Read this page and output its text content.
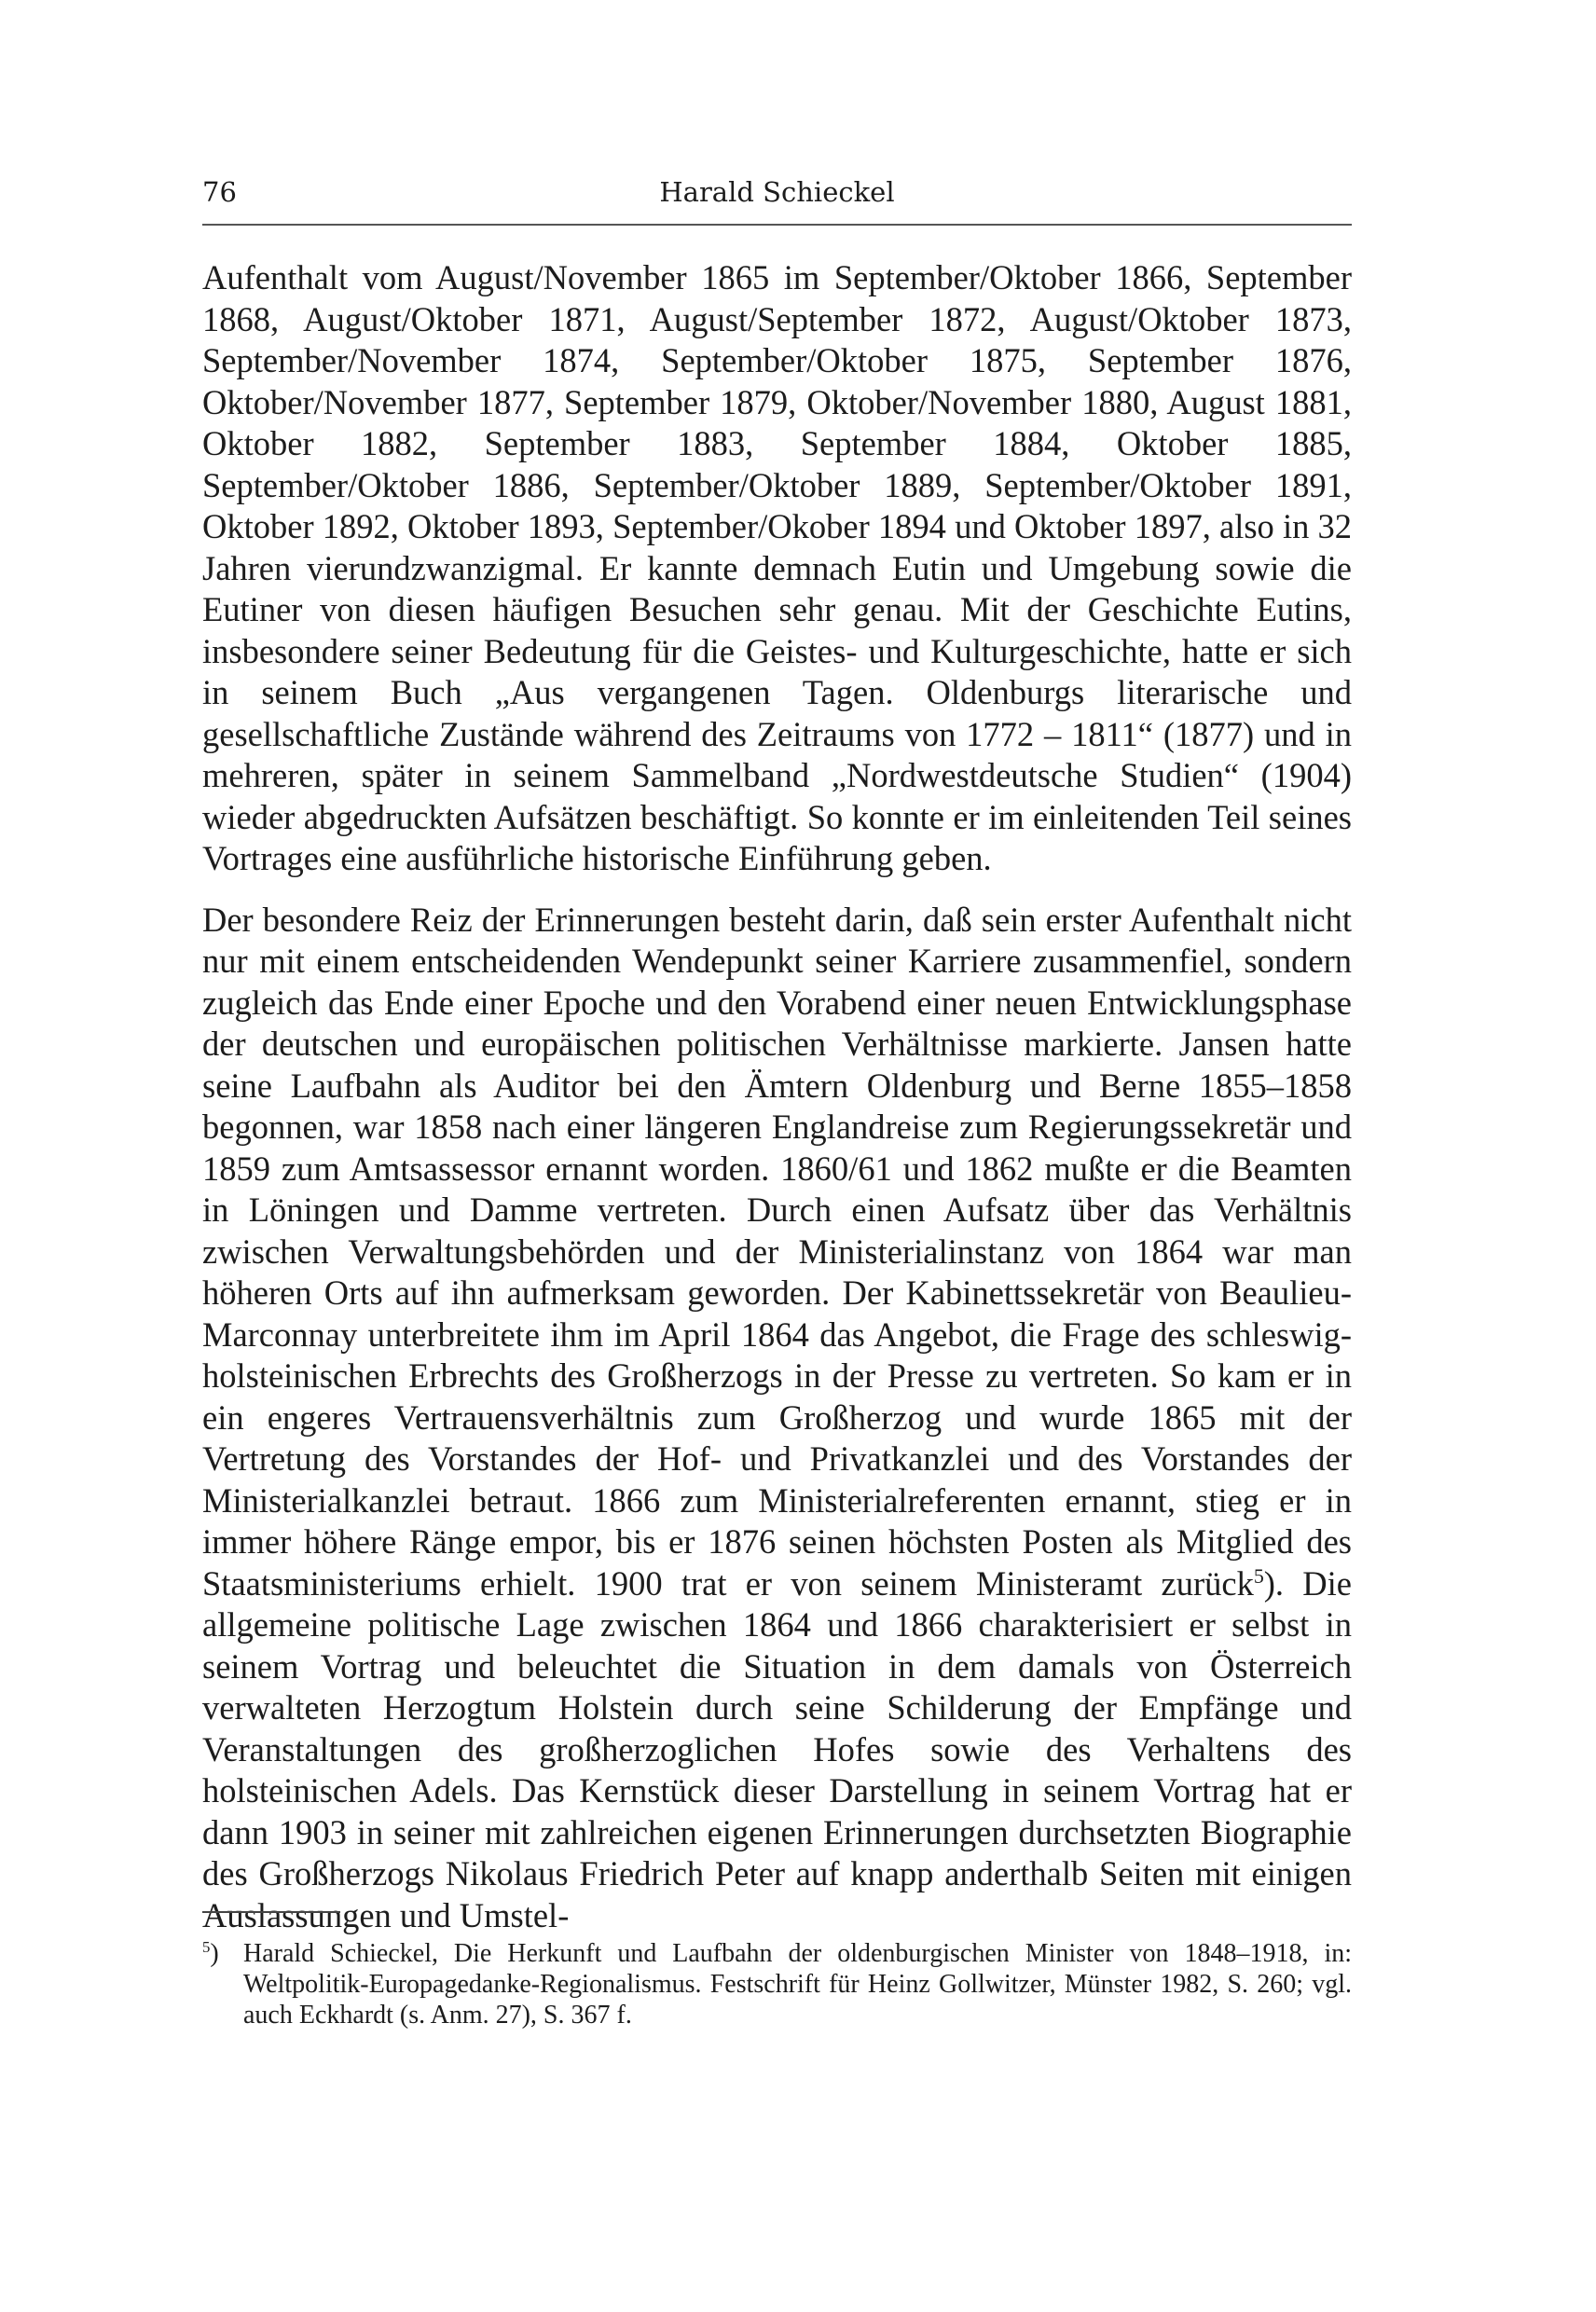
76	Harald Schieckel

Aufenthalt vom August/November 1865 im September/Oktober 1866, September 1868, August/Oktober 1871, August/September 1872, August/Oktober 1873, September/November 1874, September/Oktober 1875, September 1876, Oktober/November 1877, September 1879, Oktober/November 1880, August 1881, Oktober 1882, September 1883, September 1884, Oktober 1885, September/Oktober 1886, September/Oktober 1889, September/Oktober 1891, Oktober 1892, Oktober 1893, September/Okober 1894 und Oktober 1897, also in 32 Jahren vierundzwanzigmal. Er kannte demnach Eutin und Umgebung sowie die Eutiner von diesen häufigen Besuchen sehr genau. Mit der Geschichte Eutins, insbesondere seiner Bedeutung für die Geistes- und Kulturgeschichte, hatte er sich in seinem Buch „Aus vergangenen Tagen. Oldenburgs literarische und gesellschaftliche Zustände während des Zeitraums von 1772 – 1811“ (1877) und in mehreren, später in seinem Sammelband „Nordwestdeutsche Studien“ (1904) wieder abgedruckten Aufsätzen beschäftigt. So konnte er im einleitenden Teil seines Vortrages eine ausführliche historische Einführung geben.

Der besondere Reiz der Erinnerungen besteht darin, daß sein erster Aufenthalt nicht nur mit einem entscheidenden Wendepunkt seiner Karriere zusammenfiel, sondern zugleich das Ende einer Epoche und den Vorabend einer neuen Entwicklungsphase der deutschen und europäischen politischen Verhältnisse markierte. Jansen hatte seine Laufbahn als Auditor bei den Ämtern Oldenburg und Berne 1855–1858 begonnen, war 1858 nach einer längeren Englandreise zum Regierungssekretär und 1859 zum Amtsassessor ernannt worden. 1860/61 und 1862 mußte er die Beamten in Löningen und Damme vertreten. Durch einen Aufsatz über das Verhältnis zwischen Verwaltungsbehörden und der Ministerialinstanz von 1864 war man höheren Orts auf ihn aufmerksam geworden. Der Kabinettssekretär von Beaulieu-Marconnay unterbreitete ihm im April 1864 das Angebot, die Frage des schleswig-holsteinischen Erbrechts des Großherzogs in der Presse zu vertreten. So kam er in ein engeres Vertrauensverhältnis zum Großherzog und wurde 1865 mit der Vertretung des Vorstandes der Hof- und Privatkanzlei und des Vorstandes der Ministerialkanzlei betraut. 1866 zum Ministerialreferenten ernannt, stieg er in immer höhere Ränge empor, bis er 1876 seinen höchsten Posten als Mitglied des Staatsministeriums erhielt. 1900 trat er von seinem Ministeramt zurück$^5$). Die allgemeine politische Lage zwischen 1864 und 1866 charakterisiert er selbst in seinem Vortrag und beleuchtet die Situation in dem damals von Österreich verwalteten Herzogtum Holstein durch seine Schilderung der Empfänge und Veranstaltungen des großherzoglichen Hofes sowie des Verhaltens des holsteinischen Adels. Das Kernstück dieser Darstellung in seinem Vortrag hat er dann 1903 in seiner mit zahlreichen eigenen Erinnerungen durchsetzten Biographie des Großherzogs Nikolaus Friedrich Peter auf knapp anderthalb Seiten mit einigen Auslassungen und Umstel-

$^5$) Harald Schieckel, Die Herkunft und Laufbahn der oldenburgischen Minister von 1848–1918, in: Weltpolitik-Europagedanke-Regionalismus. Festschrift für Heinz Gollwitzer, Münster 1982, S. 260; vgl. auch Eckhardt (s. Anm. 27), S. 367 f.
